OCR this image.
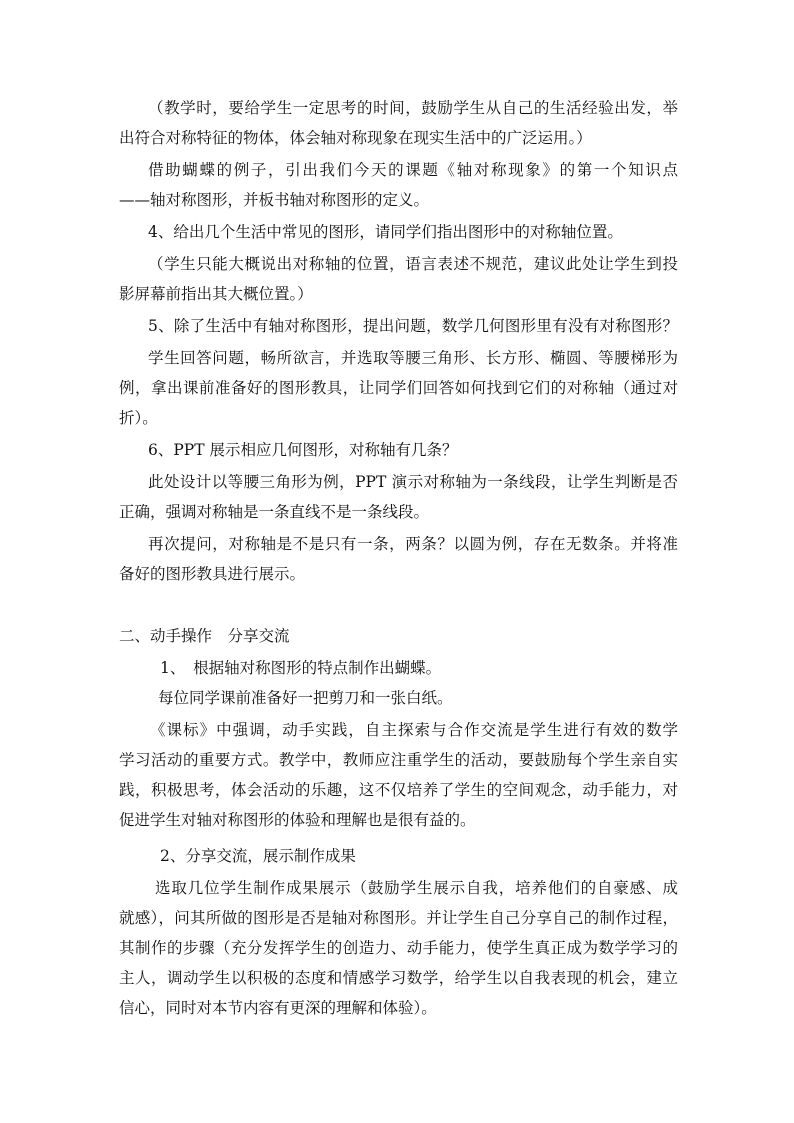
（教学时，要给学生一定思考的时间，鼓励学生从自己的生活经验出发，举
出符合对称特征的物体，体会轴对称现象在现实生活中的广泛运用。）
借助蝴蝶的例子，引出我们今天的课题《轴对称现象》的第一个知识点
——轴对称图形，并板书轴对称图形的定义。
4、给出几个生活中常见的图形，请同学们指出图形中的对称轴位置。
（学生只能大概说出对称轴的位置，语言表述不规范，建议此处让学生到投
影屏幕前指出其大概位置。）
5、除了生活中有轴对称图形，提出问题，数学几何图形里有没有对称图形？
学生回答问题，畅所欲言，并选取等腰三角形、长方形、椭圆、等腰梯形为
例，拿出课前准备好的图形教具，让同学们回答如何找到它们的对称轴（通过对
折）。
6、PPT 展示相应几何图形，对称轴有几条？
此处设计以等腰三角形为例，PPT 演示对称轴为一条线段，让学生判断是否
正确，强调对称轴是一条直线不是一条线段。
再次提问，对称轴是不是只有一条，两条？以圆为例，存在无数条。并将准
备好的图形教具进行展示。
二、动手操作　分享交流
1、　根据轴对称图形的特点制作出蝴蝶。
每位同学课前准备好一把剪刀和一张白纸。
《课标》中强调，动手实践，自主探索与合作交流是学生进行有效的数学
学习活动的重要方式。教学中，教师应注重学生的活动，要鼓励每个学生亲自实
践，积极思考，体会活动的乐趣，这不仅培养了学生的空间观念，动手能力，对
促进学生对轴对称图形的体验和理解也是很有益的。
2、分享交流，展示制作成果
选取几位学生制作成果展示（鼓励学生展示自我，培养他们的自豪感、成
就感），问其所做的图形是否是轴对称图形。并让学生自己分享自己的制作过程，
其制作的步骤（充分发挥学生的创造力、动手能力，使学生真正成为数学学习的
主人，调动学生以积极的态度和情感学习数学，给学生以自我表现的机会，建立
信心，同时对本节内容有更深的理解和体验）。
